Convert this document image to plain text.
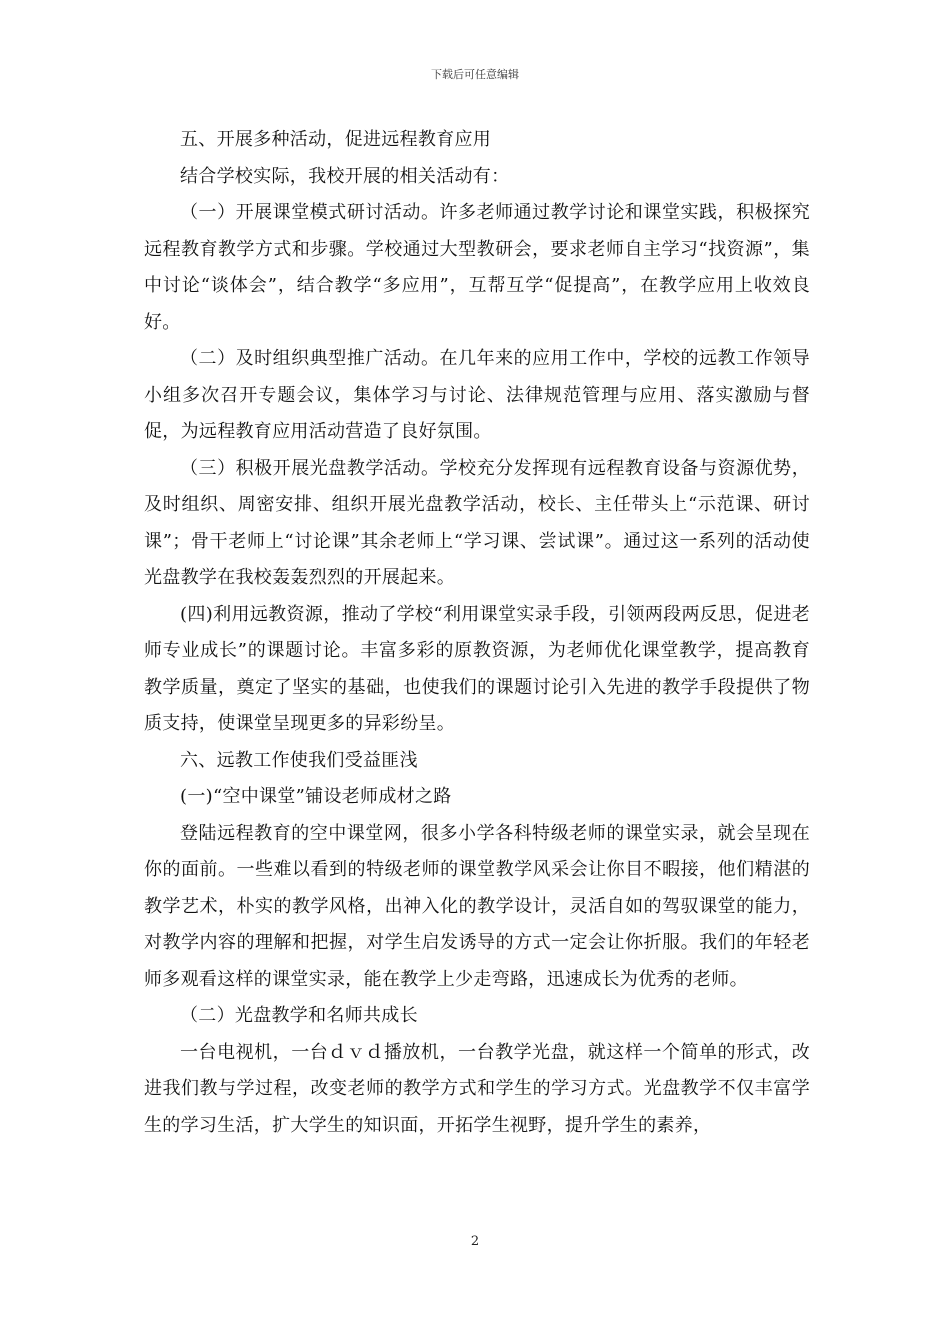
下载后可任意编辑

五、开展多种活动，促进远程教育应用

结合学校实际，我校开展的相关活动有：

（一）开展课堂模式研讨活动。许多老师通过教学讨论和课堂实践，积极探究远程教育教学方式和步骤。学校通过大型教研会，要求老师自主学习“找资源”，集中讨论“谈体会”，结合教学“多应用”，互帮互学“促提高”，在教学应用上收效良好。

（二）及时组织典型推广活动。在几年来的应用工作中，学校的远教工作领导小组多次召开专题会议，集体学习与讨论、法律规范管理与应用、落实激励与督促，为远程教育应用活动营造了良好氛围。

（三）积极开展光盘教学活动。学校充分发挥现有远程教育设备与资源优势，及时组织、周密安排、组织开展光盘教学活动，校长、主任带头上“示范课、研讨课”；骨干老师上“讨论课”其余老师上“学习课、尝试课”。通过这一系列的活动使光盘教学在我校轰轰烈烈的开展起来。

(四)利用远教资源，推动了学校“利用课堂实录手段，引领两段两反思，促进老师专业成长”的课题讨论。丰富多彩的原教资源，为老师优化课堂教学，提高教育教学质量，奠定了坚实的基础，也使我们的课题讨论引入先进的教学手段提供了物质支持，使课堂呈现更多的异彩纷呈。

六、远教工作使我们受益匪浅

(一)“空中课堂”铺设老师成材之路

登陆远程教育的空中课堂网，很多小学各科特级老师的课堂实录，就会呈现在你的面前。一些难以看到的特级老师的课堂教学风采会让你目不暇接，他们精湛的教学艺术，朴实的教学风格，出神入化的教学设计，灵活自如的驾驭课堂的能力，对教学内容的理解和把握，对学生启发诱导的方式一定会让你折服。我们的年轻老师多观看这样的课堂实录，能在教学上少走弯路，迅速成长为优秀的老师。

（二）光盘教学和名师共成长

一台电视机，一台ｄｖｄ播放机，一台教学光盘，就这样一个简单的形式，改进我们教与学过程，改变老师的教学方式和学生的学习方式。光盘教学不仅丰富学生的学习生活，扩大学生的知识面，开拓学生视野，提升学生的素养，

2
